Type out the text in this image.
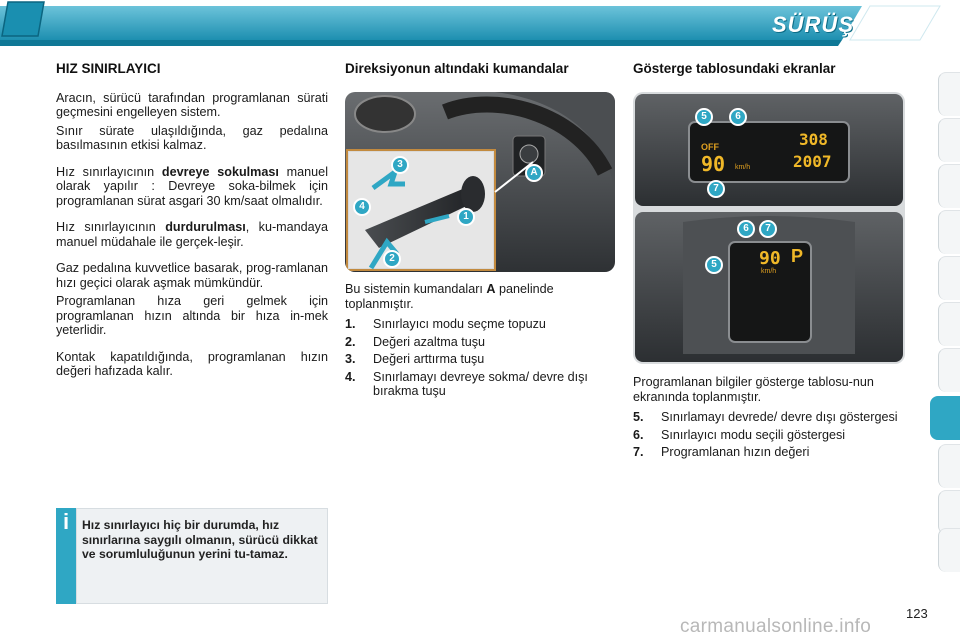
SÜRÜŞ	9
HIZ SINIRLAYICI

Aracın, sürücü tarafından programlanan sürati geçmesini engelleyen sistem.

Sınır sürate ulaşıldığında, gaz pedalına basılmasının etkisi kalmaz.

Hız sınırlayıcının devreye sokulması manuel olarak yapılır : Devreye soka-bilmek için programlanan sürat asgari 30 km/saat olmalıdır.

Hız sınırlayıcının durdurulması, ku-mandaya manuel müdahale ile gerçek-leşir.

Gaz pedalına kuvvetlice basarak, prog-ramlanan hızı geçici olarak aşmak mümkündür.

Programlanan hıza geri gelmek için programlanan hızın altında bir hıza in-mek yeterlidir.

Kontak kapatıldığında, programlanan hızın değeri hafızada kalır.

i	Hız sınırlayıcı hiç bir durumda, hız sınırlarına saygılı olmanın, sürücü dikkat ve sorumluluğunun yerini tu-tamaz.
Direksiyonun altındaki kumandalar
3
4
1
2
A
Bu sistemin kumandaları A panelinde toplanmıştır.
1.	Sınırlayıcı modu seçme topuzu
2.	Değeri azaltma tuşu
3.	Değeri arttırma tuşu
4.	Sınırlamayı devreye sokma/ devre dışı bırakma tuşu
Gösterge tablosundaki ekranlar
OFF
90 km/h
308
2007
90
km/h
P
5	6
7
6	7
5
Programlanan bilgiler gösterge tablosu-nun ekranında toplanmıştır.
5.	Sınırlamayı devrede/ devre dışı göstergesi
6.	Sınırlayıcı modu seçili göstergesi
7.	Programlanan hızın değeri
123
carmanualsonline.info
